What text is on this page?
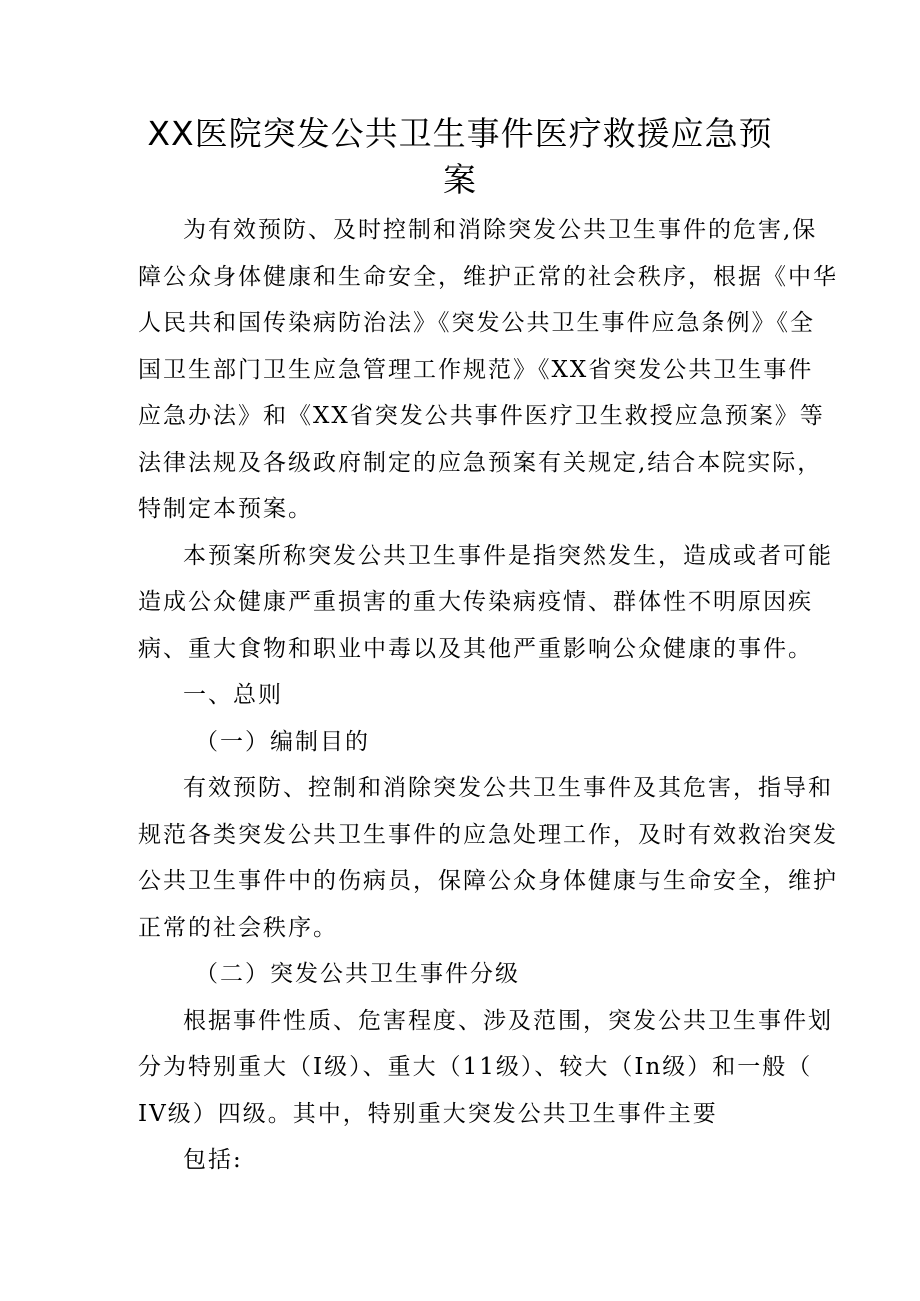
XX医院突发公共卫生事件医疗救援应急预
案
为有效预防、及时控制和消除突发公共卫生事件的危害,保
障公众身体健康和生命安全，维护正常的社会秩序，根据《中华
人民共和国传染病防治法》《突发公共卫生事件应急条例》《全
国卫生部门卫生应急管理工作规范》《XX省突发公共卫生事件
应急办法》和《XX省突发公共事件医疗卫生救授应急预案》等
法律法规及各级政府制定的应急预案有关规定,结合本院实际，
特制定本预案。
本预案所称突发公共卫生事件是指突然发生，造成或者可能
造成公众健康严重损害的重大传染病疫情、群体性不明原因疾
病、重大食物和职业中毒以及其他严重影响公众健康的事件。
一、总则
（一）编制目的
有效预防、控制和消除突发公共卫生事件及其危害，指导和
规范各类突发公共卫生事件的应急处理工作，及时有效救治突发
公共卫生事件中的伤病员，保障公众身体健康与生命安全，维护
正常的社会秩序。
（二）突发公共卫生事件分级
根据事件性质、危害程度、涉及范围，突发公共卫生事件划
分为特别重大（I级）、重大（11级）、较大（In级）和一般（
IV级）四级。其中，特别重大突发公共卫生事件主要
包括:
